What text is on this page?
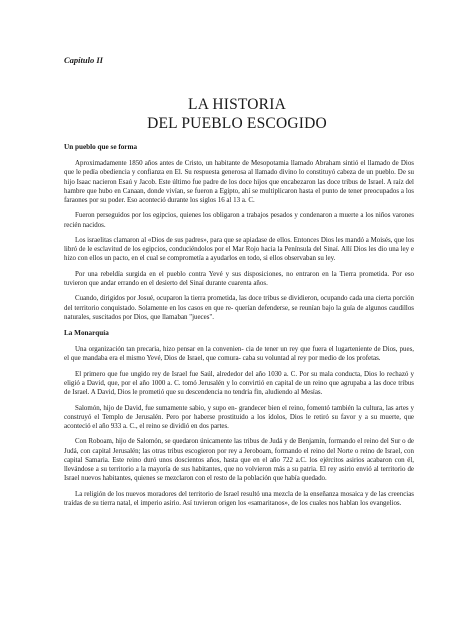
Capítulo II
LA HISTORIA
DEL PUEBLO ESCOGIDO
Un pueblo que se forma

Aproximadamente 1850 años antes de Cristo, un habitante de Mesopotamia llamado Abraham sintió el llamado de Dios que le pedía obediencia y confianza en El. Su respuesta generosa al llamado divino lo constituyó cabeza de un pueblo. De su hijo Isaac nacieron Esaú y Jacob. Este último fue padre de los doce hijos que encabezaron las doce tribus de Israel. A raíz del hambre que hubo en Canaan, donde vivían, se fueron a Egipto, ahí se multiplicaron hasta el punto de tener preocupados a los faraones por su poder. Eso aconteció durante los siglos 16 al 13 a. C.

Fueron perseguidos por los egipcios, quienes los obligaron a trabajos pesados y condenaron a muerte a los niños varones recién nacidos.

Los israelitas clamaron al «Dios de sus padres», para que se apiadase de ellos. Entonces Dios les mandó a Moisés, que los libró de le esclavitud de los egipcios, conduciéndolos por el Mar Rojo hacia la Península del Sinaí. Allí Dios les dio una ley e hizo con ellos un pacto, en el cual se comprometía a ayudarlos en todo, si ellos observaban su ley.

Por una rebeldía surgida en el pueblo contra Yevé y sus disposiciones, no entraron en la Tierra prometida. Por eso tuvieron que andar errando en el desierto del Sinaí durante cuarenta años.

Cuando, dirigidos por Josué, ocuparon la tierra prometida, las doce tribus se dividieron, ocupando cada una cierta porción del territorio conquistado. Solamente en los casos en que re- querían defenderse, se reunían bajo la guía de algunos caudillos naturales, suscitados por Dios, que llamaban "jueces".

La Monarquía

Una organización tan precaria, hizo pensar en la convenien- cia de tener un rey que fuera el lugarteniente de Dios, pues, el que mandaba era el mismo Yevé, Dios de Israel, que comura- caba su voluntad al rey por medio de los profetas.

El primero que fue ungido rey de Israel fue Saúl, alrededor del año 1030 a. C. Por su mala conducta, Dios lo rechazó y eligió a David, que, por el año 1000 a. C. tomó Jerusalén y lo convirtió en capital de un reino que agrupaba a las doce tribus de Israel. A David, Dios le prometió que su descendencia no tendría fin, aludiendo al Mesías.

Salomón, hijo de David, fue sumamente sabio, y supo en- grandecer bien el reino, fomentó también la cultura, las artes y construyó el Templo de Jerusalén. Pero por haberse prostituido a los ídolos, Dios le retiró su favor y a su muerte, que aconteció el año 933 a. C., el reino se dividió en dos partes.

Con Roboam, hijo de Salomón, se quedaron únicamente las tribus de Judá y de Benjamín, formando el reino del Sur o de Judá, con capital Jerusalén; las otras tribus escogieron por rey a Jeroboam, formando el reino del Norte o reino de Israel, con capital Samaria. Este reino duró unos doscientos años, hasta que en el año 722 a.C. los ejércitos asirios acabaron con él, llevándose a su territorio a la mayoría de sus habitantes, que no volvieron más a su patria. El rey asirio envió al territorio de Israel nuevos habitantes, quienes se mezclaron con el resto de la población que había quedado.

La religión de los nuevos moradores del territorio de Israel resultó una mezcla de la enseñanza mosaica y de las creencias traídas de su tierra natal, el imperio asirio. Así tuvieron origen los «samaritanos», de los cuales nos hablan los evangelios.
